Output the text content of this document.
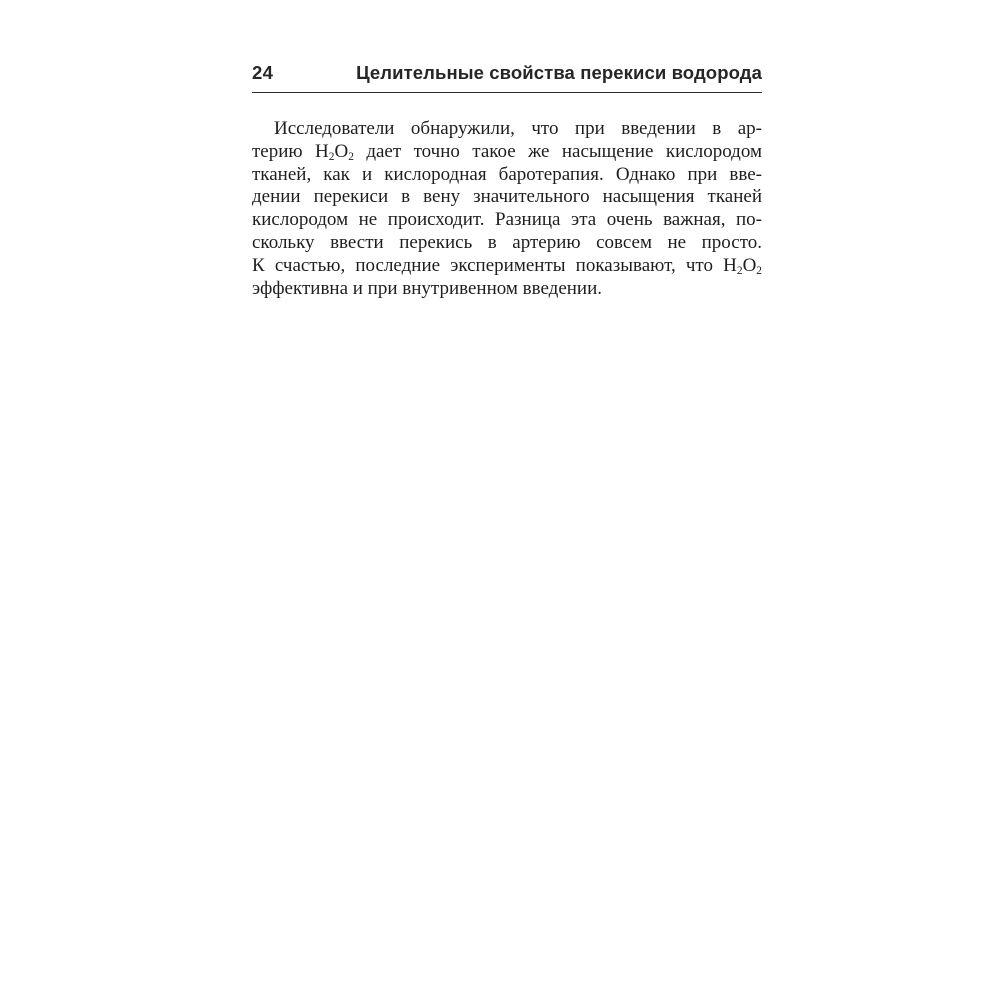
24	Целительные свойства перекиси водорода
Исследователи обнаружили, что при введении в ар-
терию $H_2O_2$ дает точно такое же насыщение кислородом
тканей, как и кислородная баротерапия. Однако при вве-
дении перекиси в вену значительного насыщения тканей
кислородом не происходит. Разница эта очень важная, по-
скольку ввести перекись в артерию совсем не просто.
К счастью, последние эксперименты показывают, что $H_2O_2$
эффективна и при внутривенном введении.
